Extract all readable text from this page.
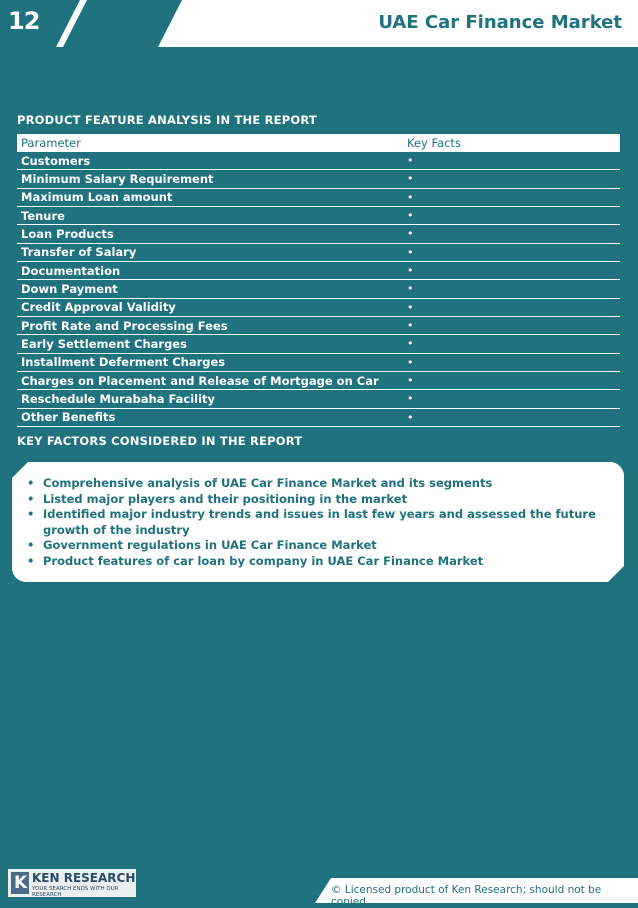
12	UAE Car Finance Market
PRODUCT FEATURE ANALYSIS IN THE REPORT
Parameter	Key Facts
Customers	•
Minimum Salary Requirement	•
Maximum Loan amount	•
Tenure	•
Loan Products	•
Transfer of Salary	•
Documentation	•
Down Payment	•
Credit Approval Validity	•
Profit Rate and Processing Fees	•
Early Settlement Charges	•
Installment Deferment Charges	•
Charges on Placement and Release of Mortgage on Car	•
Reschedule Murabaha Facility	•
Other Benefits	•
KEY FACTORS CONSIDERED IN THE REPORT
• Comprehensive analysis of UAE Car Finance Market and its segments
• Listed major players and their positioning in the market
• Identified major industry trends and issues in last few years and assessed the future growth of the industry
• Government regulations in UAE Car Finance Market
• Product features of car loan by company in UAE Car Finance Market
K KEN RESEARCH
YOUR SEARCH ENDS WITH OUR RESEARCH	© Licensed product of Ken Research; should not be copied
